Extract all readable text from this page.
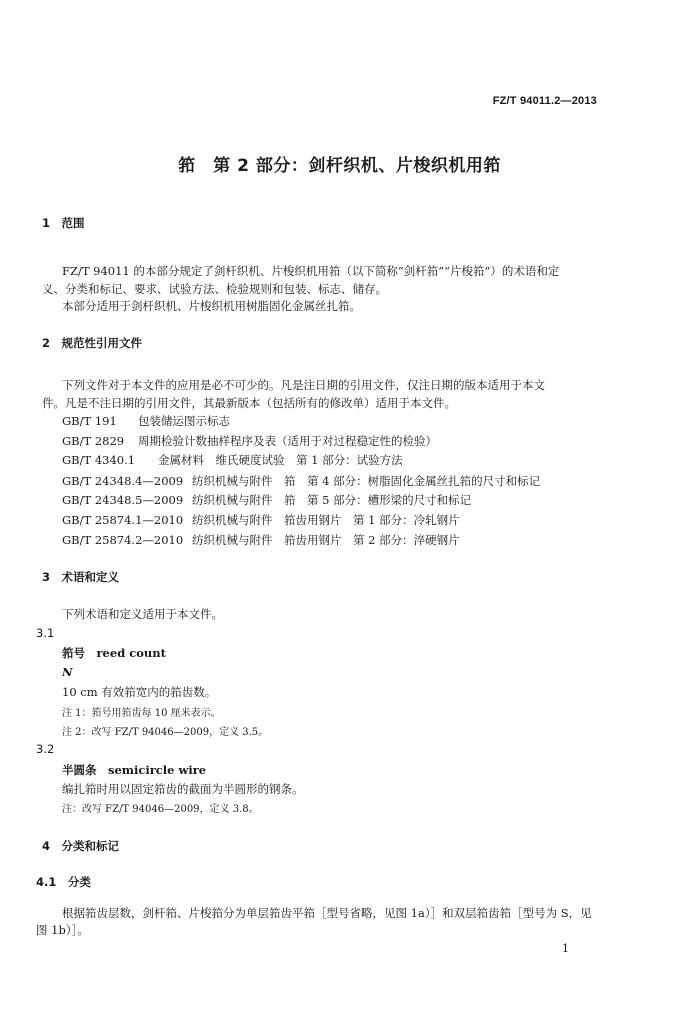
FZ/T 94011.2—2013
筘　第 2 部分：剑杆织机、片梭织机用筘
1　范围
FZ/T 94011 的本部分规定了剑杆织机、片梭织机用筘（以下简称“剑杆筘”“片梭筘”）的术语和定
义、分类和标记、要求、试验方法、检验规则和包装、标志、储存。
本部分适用于剑杆织机、片梭织机用树脂固化金属丝扎筘。
2　规范性引用文件
下列文件对于本文件的应用是必不可少的。凡是注日期的引用文件，仅注日期的版本适用于本文
件。凡是不注日期的引用文件，其最新版本（包括所有的修改单）适用于本文件。
GB/T 191 包装储运图示标志
GB/T 2829 周期检验计数抽样程序及表（适用于对过程稳定性的检验）
GB/T 4340.1 金属材料　维氏硬度试验　第 1 部分：试验方法
GB/T 24348.4—2009 纺织机械与附件　筘　第 4 部分：树脂固化金属丝扎筘的尺寸和标记
GB/T 24348.5—2009 纺织机械与附件　筘　第 5 部分：槽形梁的尺寸和标记
GB/T 25874.1—2010 纺织机械与附件　筘齿用钢片　第 1 部分：冷轧钢片
GB/T 25874.2—2010 纺织机械与附件　筘齿用钢片　第 2 部分：淬硬钢片
3　术语和定义
下列术语和定义适用于本文件。
3.1
筘号　reed count
N
10 cm 有效筘宽内的筘齿数。
注 1：筘号用筘齿每 10 厘米表示。
注 2：改写 FZ/T 94046—2009，定义 3.5。
3.2
半圆条　semicircle wire
编扎筘时用以固定筘齿的截面为半圆形的钢条。
注：改写 FZ/T 94046—2009，定义 3.8。
4　分类和标记
4.1　分类
根据筘齿层数，剑杆筘、片梭筘分为单层筘齿平筘［型号省略，见图 1a）］和双层筘齿筘［型号为 S，见
图 1b）］。
1
